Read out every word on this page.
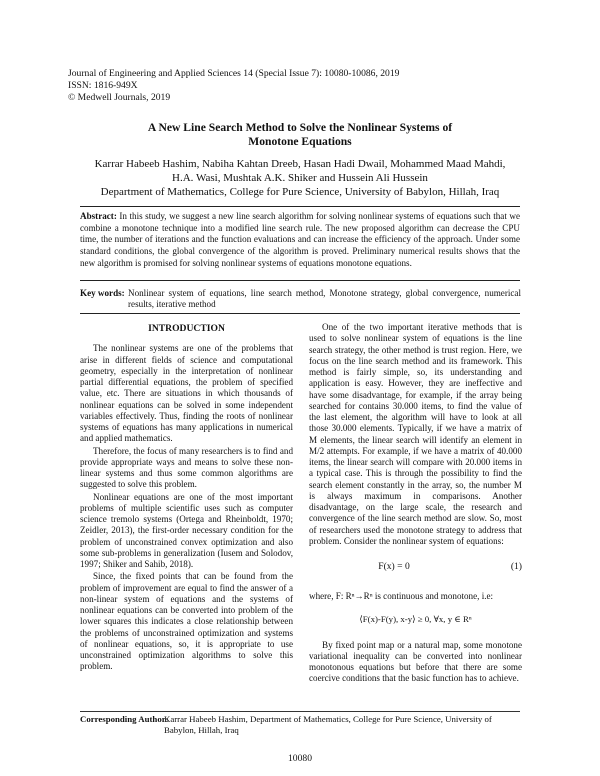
Journal of Engineering and Applied Sciences 14 (Special Issue 7): 10080-10086, 2019
ISSN: 1816-949X
© Medwell Journals, 2019
A New Line Search Method to Solve the Nonlinear Systems of
Monotone Equations
Karrar Habeeb Hashim, Nabiha Kahtan Dreeb, Hasan Hadi Dwail, Mohammed Maad Mahdi,
H.A. Wasi, Mushtak A.K. Shiker and Hussein Ali Hussein
Department of Mathematics, College for Pure Science, University of Babylon, Hillah, Iraq
Abstract: In this study, we suggest a new line search algorithm for solving nonlinear systems of equations such that we combine a monotone technique into a modified line search rule. The new proposed algorithm can decrease the CPU time, the number of iterations and the function evaluations and can increase the efficiency of the approach. Under some standard conditions, the global convergence of the algorithm is proved. Preliminary numerical results shows that the new algorithm is promised for solving nonlinear systems of equations monotone equations.
Key words: Nonlinear system of equations, line search method, Monotone strategy, global convergence, numerical results, iterative method

INTRODUCTION

The nonlinear systems are one of the problems that arise in different fields of science and computational geometry, especially in the interpretation of nonlinear partial differential equations, the problem of specified value, etc. There are situations in which thousands of nonlinear equations can be solved in some independent variables effectively. Thus, finding the roots of nonlinear systems of equations has many applications in numerical and applied mathematics.

Therefore, the focus of many researchers is to find and provide appropriate ways and means to solve these non-linear systems and thus some common algorithms are suggested to solve this problem.

Nonlinear equations are one of the most important problems of multiple scientific uses such as computer science tremolo systems (Ortega and Rheinboldt, 1970; Zeidler, 2013), the first-order necessary condition for the problem of unconstrained convex optimization and also some sub-problems in generalization (Iusem and Solodov, 1997; Shiker and Sahib, 2018).

Since, the fixed points that can be found from the problem of improvement are equal to find the answer of a non-linear system of equations and the systems of nonlinear equations can be converted into problem of the lower squares this indicates a close relationship between the problems of unconstrained optimization and systems of nonlinear equations, so, it is appropriate to use unconstrained optimization algorithms to solve this problem.

One of the two important iterative methods that is used to solve nonlinear system of equations is the line search strategy, the other method is trust region. Here, we focus on the line search method and its framework. This method is fairly simple, so, its understanding and application is easy. However, they are ineffective and have some disadvantage, for example, if the array being searched for contains 30.000 items, to find the value of the last element, the algorithm will have to look at all those 30.000 elements. Typically, if we have a matrix of M elements, the linear search will identify an element in M/2 attempts. For example, if we have a matrix of 40.000 items, the linear search will compare with 20.000 items in a typical case. This is through the possibility to find the search element constantly in the array, so, the number M is always maximum in comparisons. Another disadvantage, on the large scale, the research and convergence of the line search method are slow. So, most of researchers used the monotone strategy to address that problem. Consider the nonlinear system of equations:

F(x) = 0	(1)
where, F: Rⁿ→Rⁿ is continuous and monotone, i.e:
⟨F(x)-F(y), x-y⟩ ≥ 0, ∀x, y ∈ Rⁿ

By fixed point map or a natural map, some monotone variational inequality can be converted into nonlinear monotonous equations but before that there are some coercive conditions that the basic function has to achieve.

Corresponding Author:
Karrar Habeeb Hashim, Department of Mathematics, College for Pure Science, University of Babylon, Hillah, Iraq
10080
